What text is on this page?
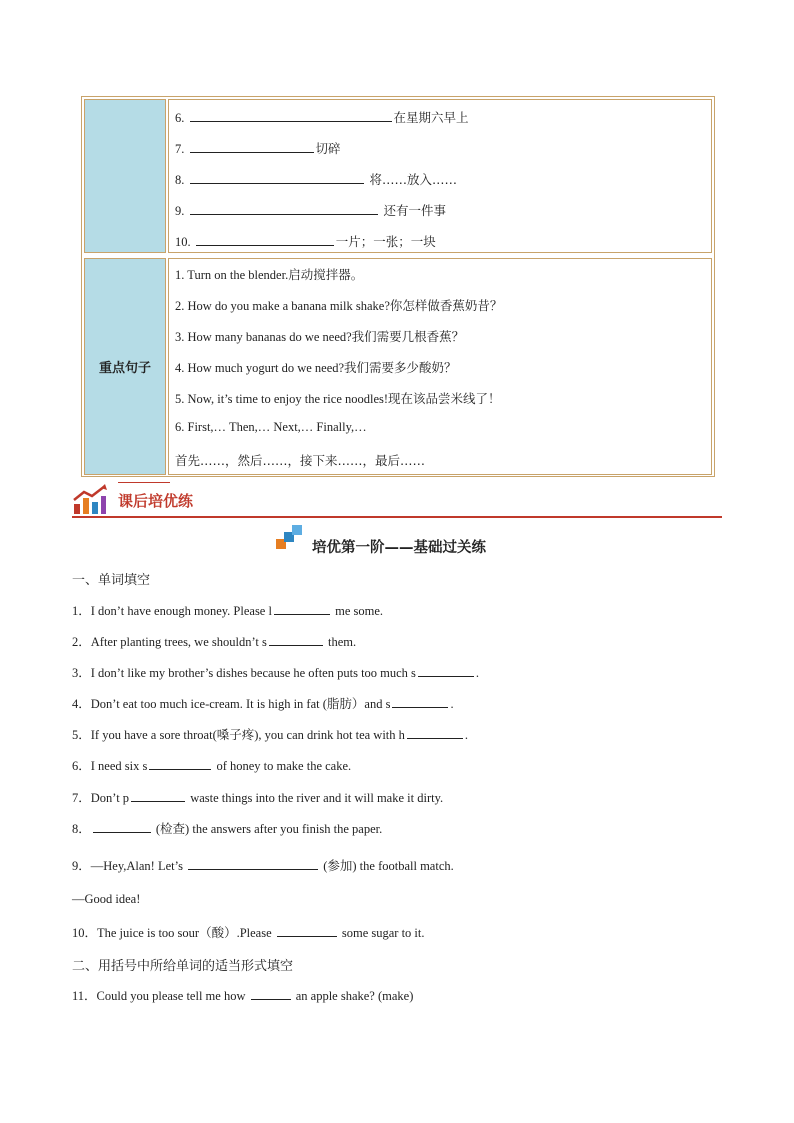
6.	在星期六早上
7.	切碎
8.	将……放入……
9.	还有一件事
10.	一片；一张；一块
重点句子
1. Turn on the blender.启动搅拌器。
2. How do you make a banana milk shake?你怎样做香蕉奶昔？
3. How many bananas do we need?我们需要几根香蕉？
4. How much yogurt do we need?我们需要多少酸奶？
5. Now, it’s time to enjoy the rice noodles!现在该品尝米线了！
6. First,… Then,… Next,… Finally,…
首先……，然后……，接下来……，最后……
课后培优练
培优第一阶——基础过关练
一、单词填空
1．I don’t have enough money. Please l	me some.
2．After planting trees, we shouldn’t s	them.
3．I don’t like my brother’s dishes because he often puts too much s	.
4．Don’t eat too much ice-cream. It is high in fat (脂肪）and s	.
5．If you have a sore throat(嗓子疼), you can drink hot tea with h	.
6．I need six s	of honey to make the cake.
7．Don’t p	waste things into the river and it will make it dirty.
8．	(检查) the answers after you finish the paper.
9．—Hey,Alan! Let’s	(参加) the football match.
—Good idea!
10．The juice is too sour（酸）.Please	some sugar to it.
二、用括号中所给单词的适当形式填空
11．Could you please tell me how	an apple shake? (make)
